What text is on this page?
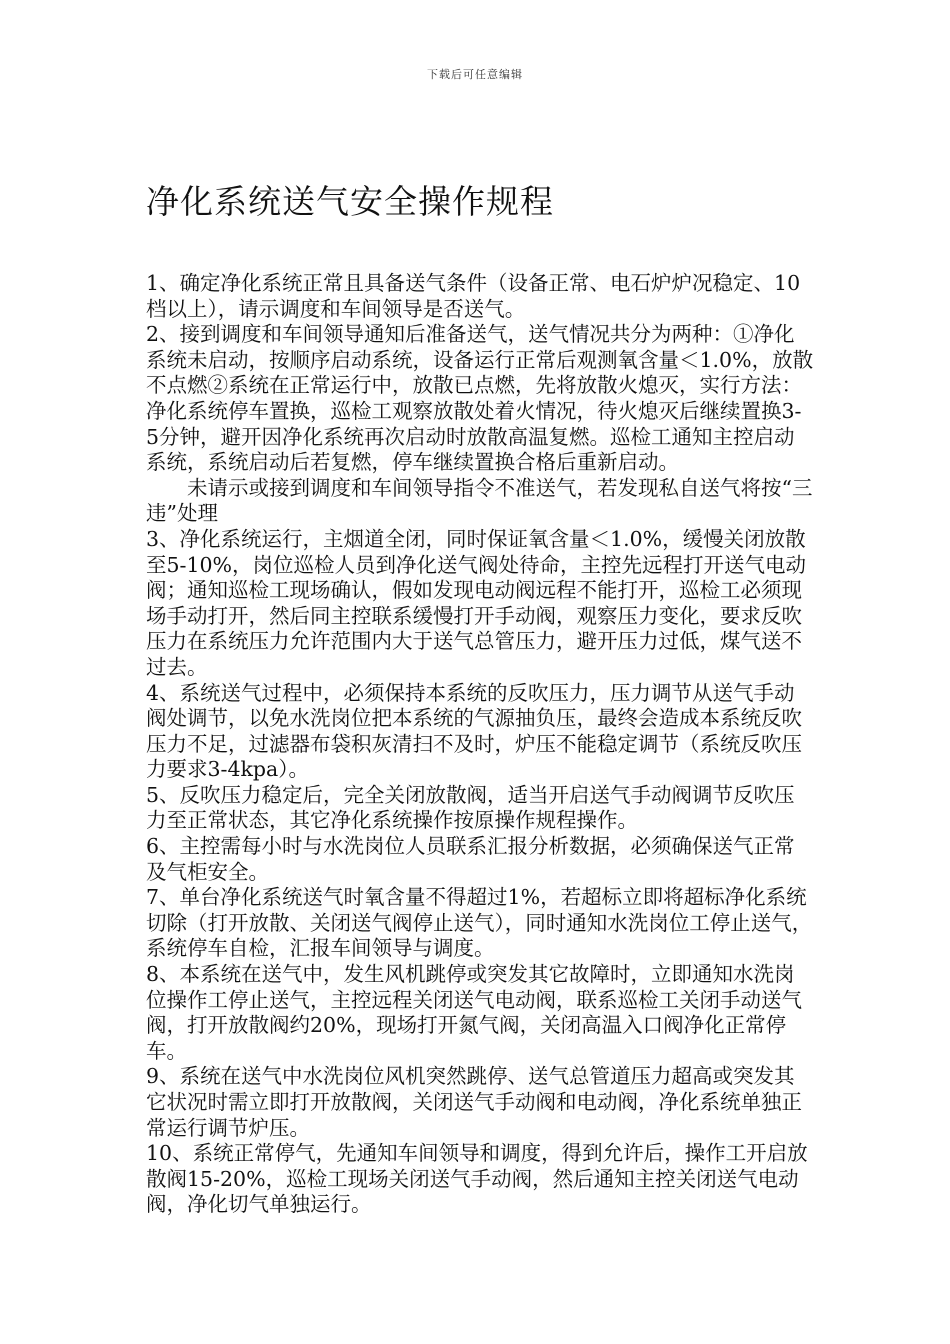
下载后可任意编辑
净化系统送气安全操作规程

1、确定净化系统正常且具备送气条件（设备正常、电石炉炉况稳定、10档以上），请示调度和车间领导是否送气。

2、接到调度和车间领导通知后准备送气，送气情况共分为两种：①净化系统未启动，按顺序启动系统，设备运行正常后观测氧含量＜1.0%，放散不点燃②系统在正常运行中，放散已点燃，先将放散火熄灭，实行方法：净化系统停车置换，巡检工观察放散处着火情况，待火熄灭后继续置换3-5分钟，避开因净化系统再次启动时放散高温复燃。巡检工通知主控启动系统，系统启动后若复燃，停车继续置换合格后重新启动。

未请示或接到调度和车间领导指令不准送气，若发现私自送气将按“三违”处理

3、净化系统运行，主烟道全闭，同时保证氧含量＜1.0%，缓慢关闭放散至5-10%，岗位巡检人员到净化送气阀处待命，主控先远程打开送气电动阀；通知巡检工现场确认，假如发现电动阀远程不能打开，巡检工必须现场手动打开，然后同主控联系缓慢打开手动阀，观察压力变化，要求反吹压力在系统压力允许范围内大于送气总管压力，避开压力过低，煤气送不过去。

4、系统送气过程中，必须保持本系统的反吹压力，压力调节从送气手动阀处调节，以免水洗岗位把本系统的气源抽负压，最终会造成本系统反吹压力不足，过滤器布袋积灰清扫不及时，炉压不能稳定调节（系统反吹压力要求3-4kpa）。

5、反吹压力稳定后，完全关闭放散阀，适当开启送气手动阀调节反吹压力至正常状态，其它净化系统操作按原操作规程操作。

6、主控需每小时与水洗岗位人员联系汇报分析数据，必须确保送气正常及气柜安全。

7、单台净化系统送气时氧含量不得超过1%，若超标立即将超标净化系统切除（打开放散、关闭送气阀停止送气），同时通知水洗岗位工停止送气，系统停车自检，汇报车间领导与调度。

8、本系统在送气中，发生风机跳停或突发其它故障时，立即通知水洗岗位操作工停止送气，主控远程关闭送气电动阀，联系巡检工关闭手动送气阀，打开放散阀约20%，现场打开氮气阀，关闭高温入口阀净化正常停车。

9、系统在送气中水洗岗位风机突然跳停、送气总管道压力超高或突发其它状况时需立即打开放散阀，关闭送气手动阀和电动阀，净化系统单独正常运行调节炉压。

10、系统正常停气，先通知车间领导和调度，得到允许后，操作工开启放散阀15-20%，巡检工现场关闭送气手动阀，然后通知主控关闭送气电动阀，净化切气单独运行。
